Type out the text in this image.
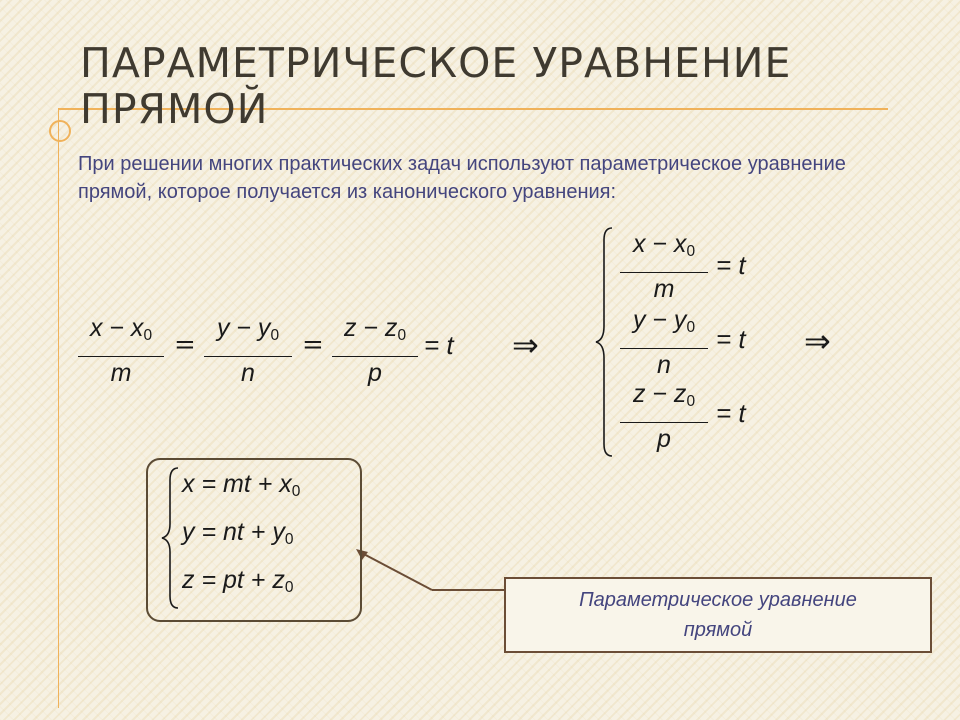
ПАРАМЕТРИЧЕСКОЕ УРАВНЕНИЕ
ПРЯМОЙ
При решении многих практических задач используют параметрическое уравнение прямой, которое получается из канонического уравнения:
$\frac{x - x_0}{m} = \frac{y - y_0}{n} = \frac{z - z_0}{p} = t$ ⇒
$\frac{x - x_0}{m} = t$
$\frac{y - y_0}{n} = t$
$\frac{z - z_0}{p} = t$
⇒
x = mt + $x_0$
y = nt + $y_0$
z = pt + $z_0$
Параметрическое уравнение прямой
